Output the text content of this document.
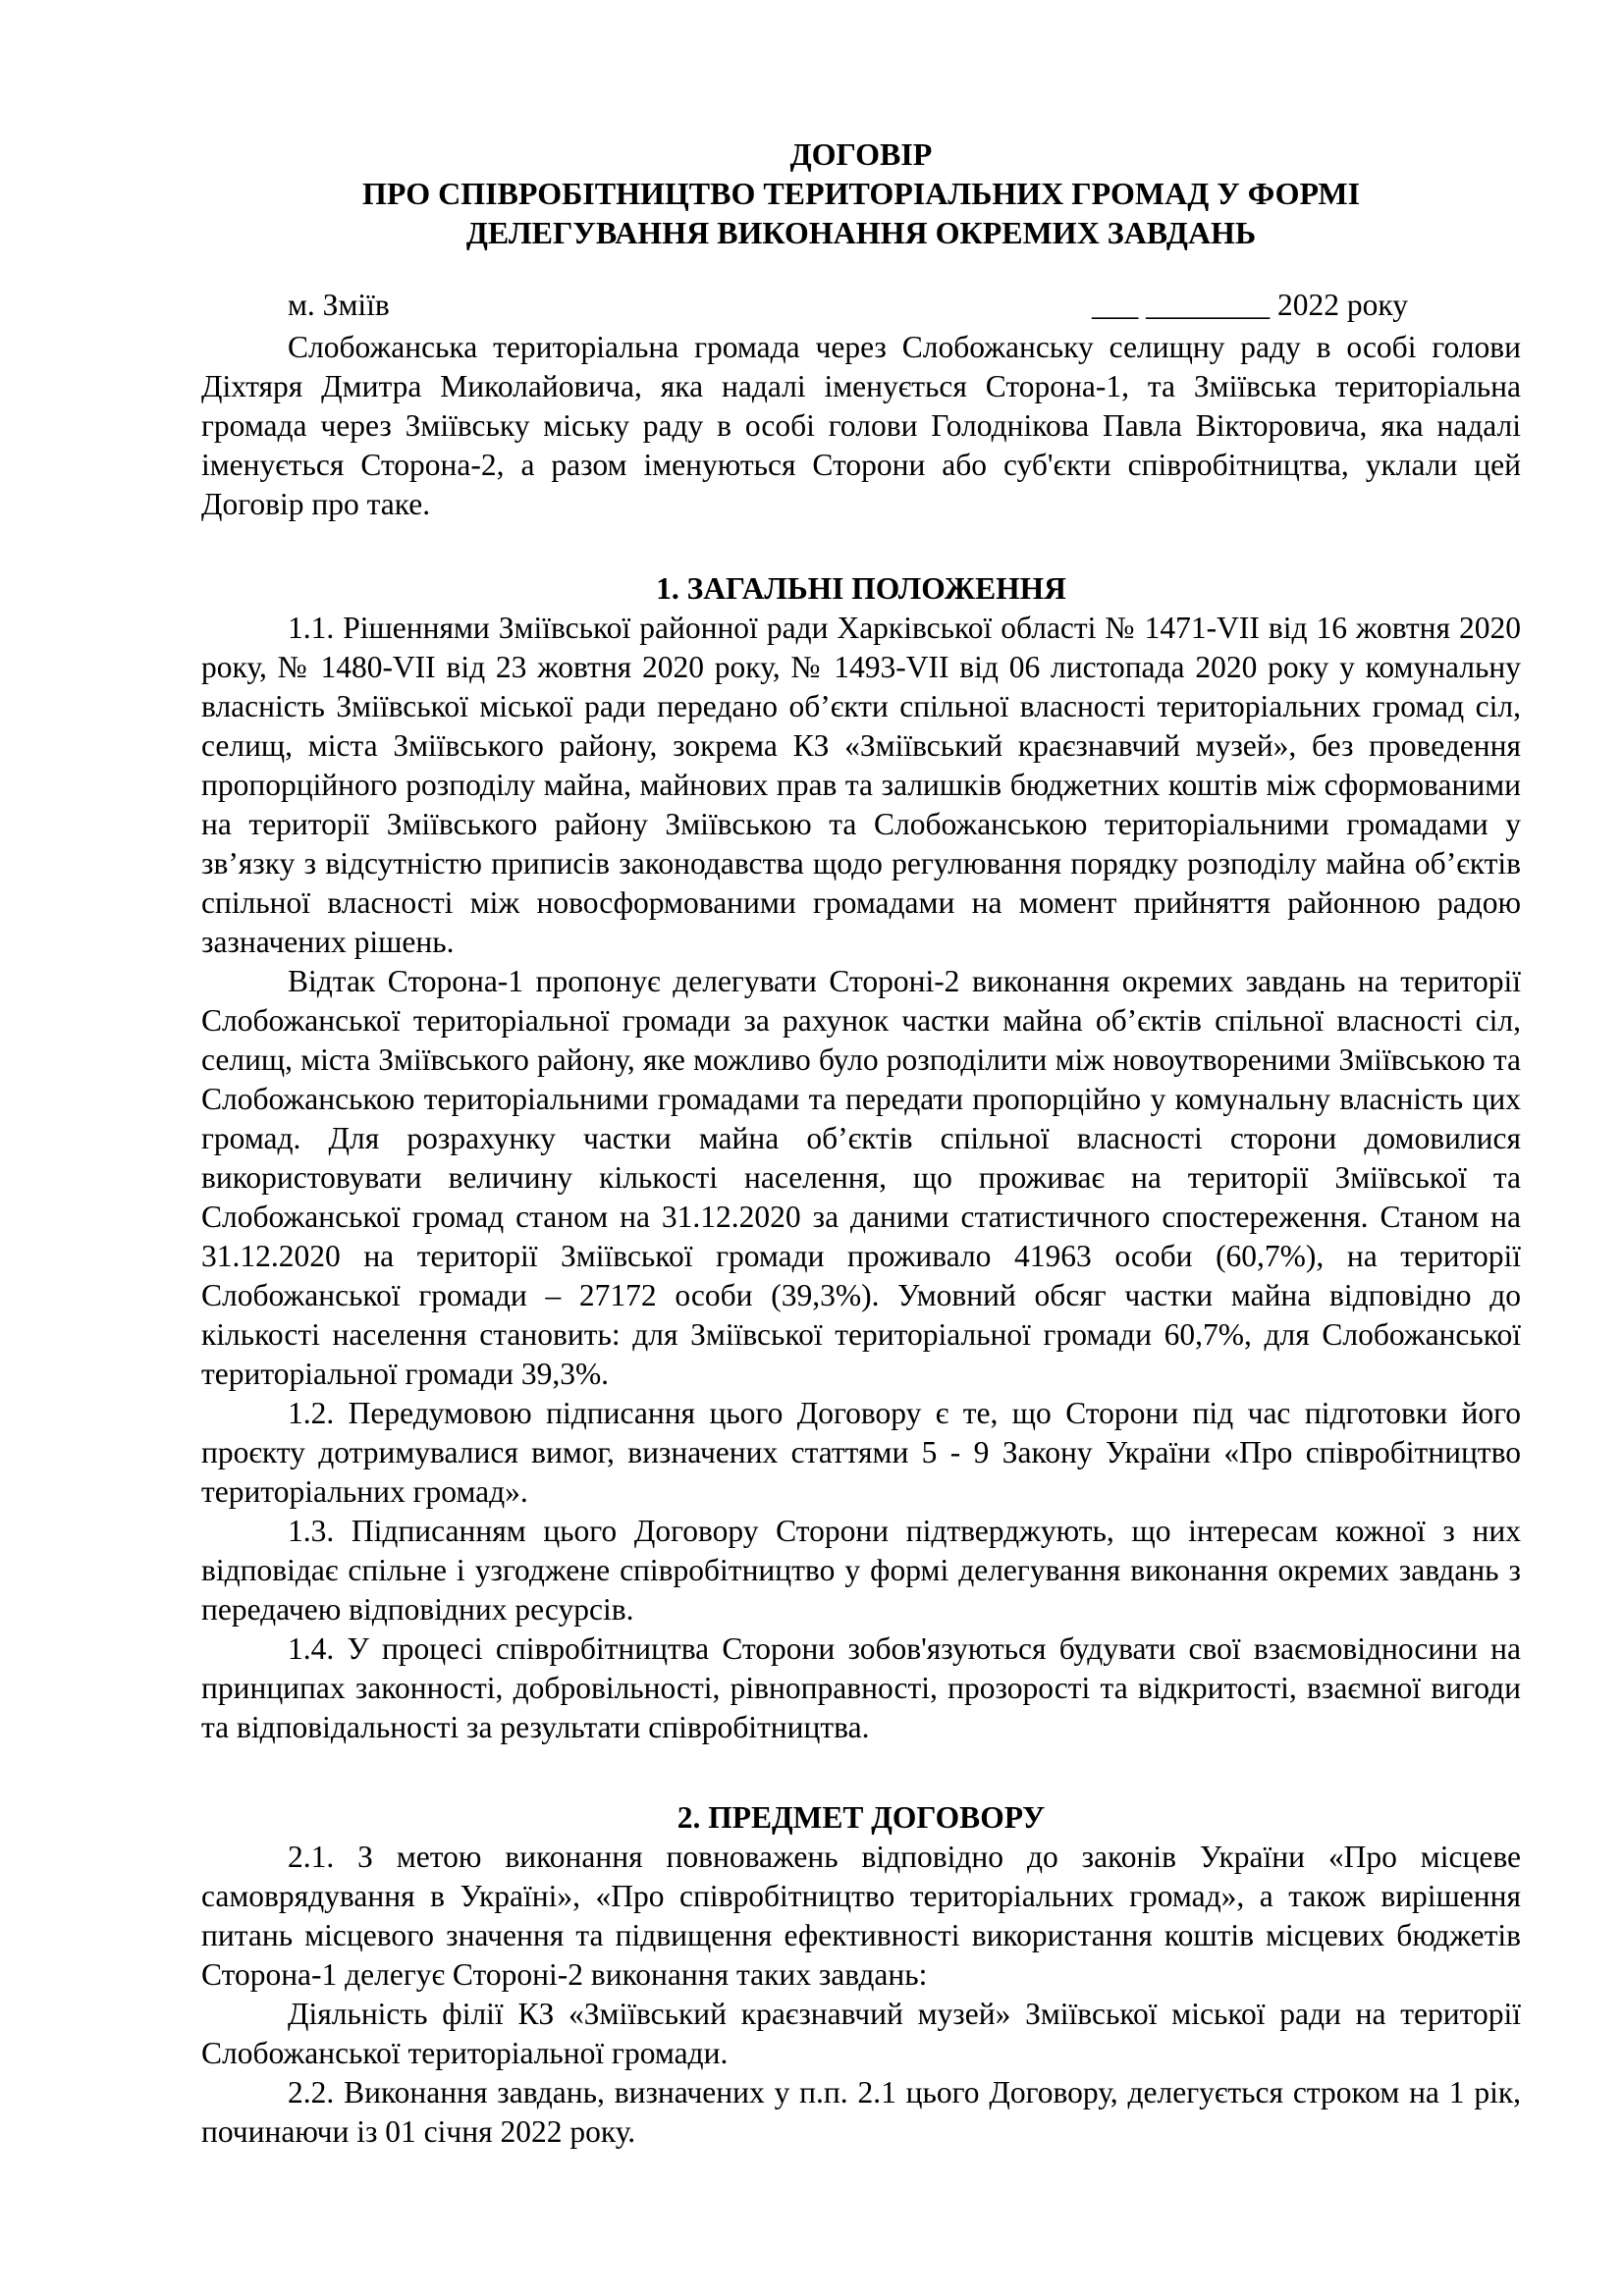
ДОГОВІР
ПРО СПІВРОБІТНИЦТВО ТЕРИТОРІАЛЬНИХ ГРОМАД У ФОРМІ
ДЕЛЕГУВАННЯ ВИКОНАННЯ ОКРЕМИХ ЗАВДАНЬ
м. Зміїв	___ ________ 2022 року

Слобожанська територіальна громада через Слобожанську селищну раду в особі голови Діхтяря Дмитра Миколайовича, яка надалі іменується Сторона-1, та Зміївська територіальна громада через Зміївську міську раду в особі голови Голоднікова Павла Вікторовича, яка надалі іменується Сторона-2, а разом іменуються Сторони або суб'єкти співробітництва, уклали цей Договір про таке.

1. ЗАГАЛЬНІ ПОЛОЖЕННЯ

1.1. Рішеннями Зміївської районної ради Харківської області № 1471-VII від 16 жовтня 2020 року, № 1480-VII від 23 жовтня 2020 року, № 1493-VII від 06 листопада 2020 року у комунальну власність Зміївської міської ради передано об’єкти спільної власності територіальних громад сіл, селищ, міста Зміївського району, зокрема КЗ «Зміївський краєзнавчий музей», без проведення пропорційного розподілу майна, майнових прав та залишків бюджетних коштів між сформованими на території Зміївського району Зміївською та Слобожанською територіальними громадами у зв’язку з відсутністю приписів законодавства щодо регулювання порядку розподілу майна об’єктів спільної власності між новосформованими громадами на момент прийняття районною радою зазначених рішень.

Відтак Сторона-1 пропонує делегувати Стороні-2 виконання окремих завдань на території Слобожанської територіальної громади за рахунок частки майна об’єктів спільної власності сіл, селищ, міста Зміївського району, яке можливо було розподілити між новоутвореними Зміївською та Слобожанською територіальними громадами та передати пропорційно у комунальну власність цих громад. Для розрахунку частки майна об’єктів спільної власності сторони домовилися використовувати величину кількості населення, що проживає на території Зміївської та Слобожанської громад станом на 31.12.2020 за даними статистичного спостереження. Станом на 31.12.2020 на території Зміївської громади проживало 41963 особи (60,7%), на території Слобожанської громади – 27172 особи (39,3%). Умовний обсяг частки майна відповідно до кількості населення становить: для Зміївської територіальної громади 60,7%, для Слобожанської територіальної громади 39,3%.

1.2. Передумовою підписання цього Договору є те, що Сторони під час підготовки його проєкту дотримувалися вимог, визначених статтями 5 - 9 Закону України «Про співробітництво територіальних громад».

1.3. Підписанням цього Договору Сторони підтверджують, що інтересам кожної з них відповідає спільне і узгоджене співробітництво у формі делегування виконання окремих завдань з передачею відповідних ресурсів.

1.4. У процесі співробітництва Сторони зобов'язуються будувати свої взаємовідносини на принципах законності, добровільності, рівноправності, прозорості та відкритості, взаємної вигоди та відповідальності за результати співробітництва.

2. ПРЕДМЕТ ДОГОВОРУ

2.1. З метою виконання повноважень відповідно до законів України «Про місцеве самоврядування в Україні», «Про співробітництво територіальних громад», а також вирішення питань місцевого значення та підвищення ефективності використання коштів місцевих бюджетів Сторона-1 делегує Стороні-2 виконання таких завдань:

Діяльність філії КЗ «Зміївський краєзнавчий музей» Зміївської міської ради на території Слобожанської територіальної громади.

2.2. Виконання завдань, визначених у п.п. 2.1 цього Договору, делегується строком на 1 рік, починаючи із 01 січня 2022 року.
